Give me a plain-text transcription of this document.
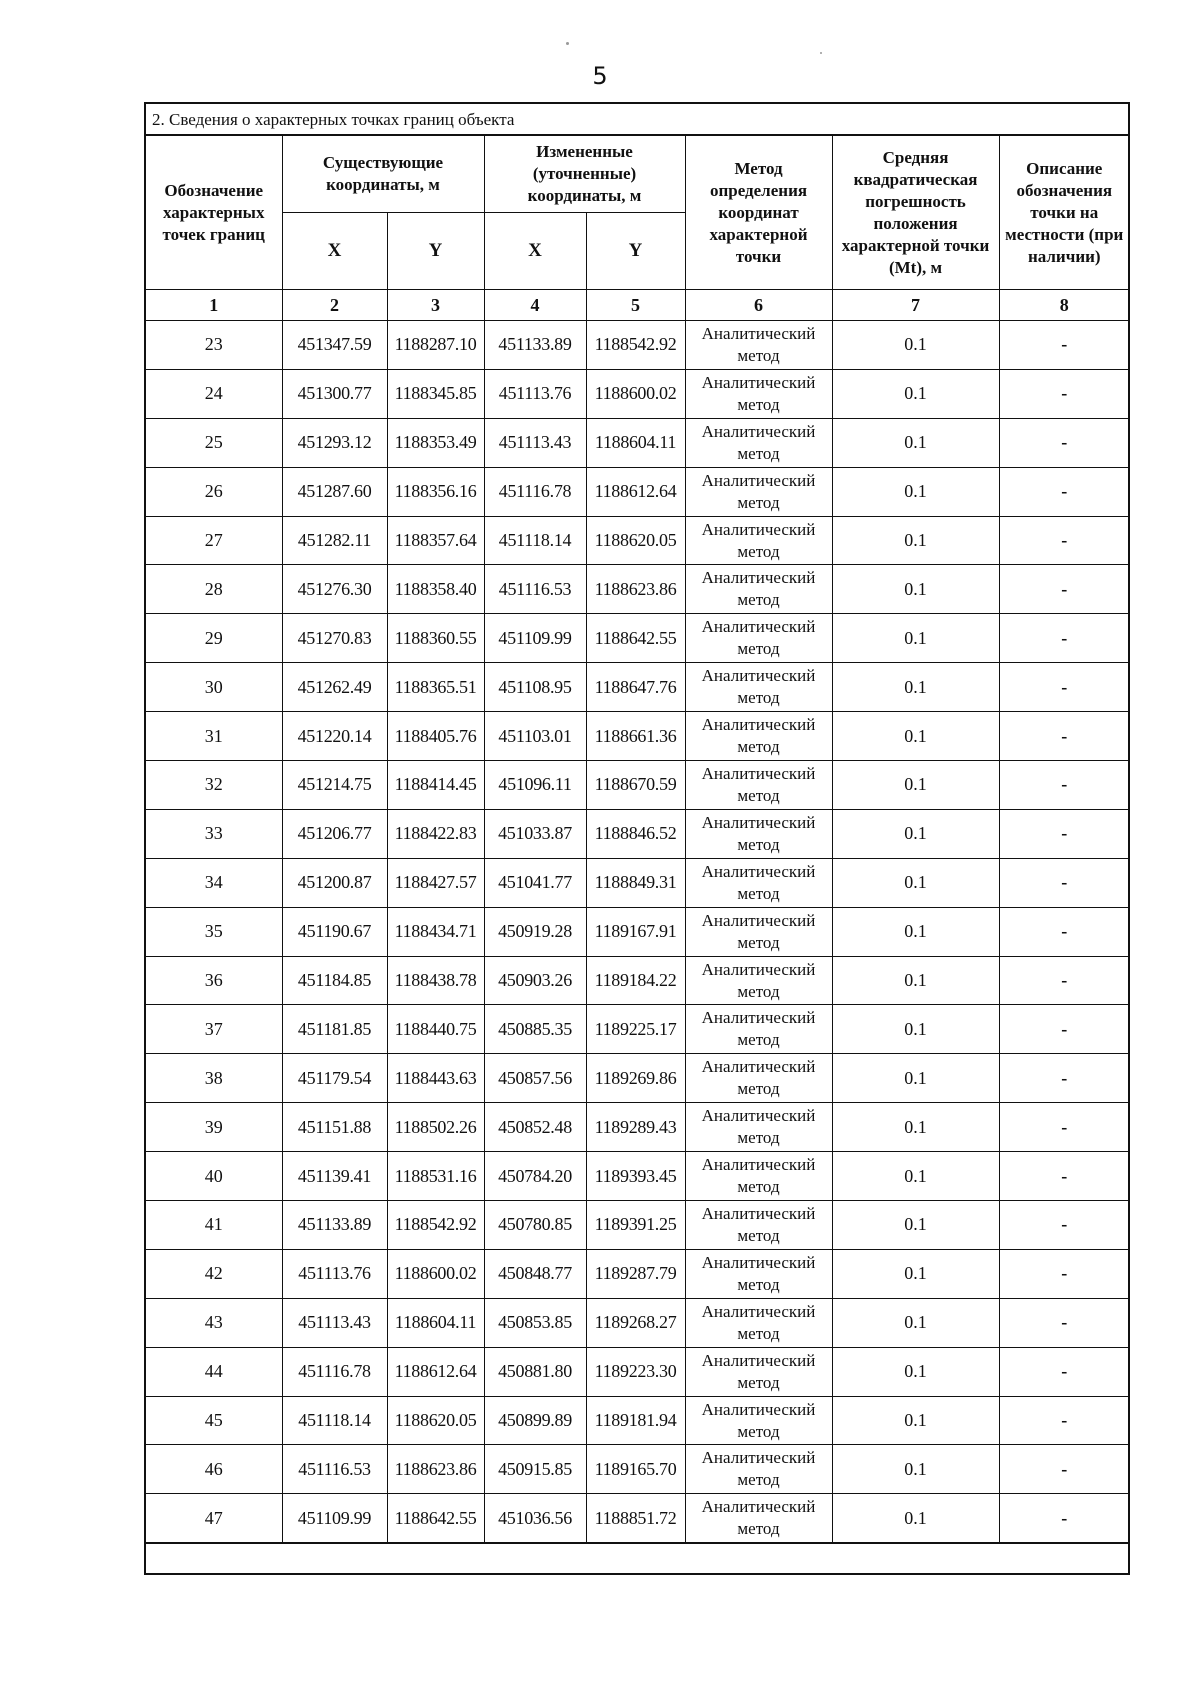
5
2. Сведения о характерных точках границ объекта
Обозначение характерных точек границ	Существующие координаты, м		Измененные (уточненные) координаты, м		Метод определения координат характерной точки	Средняя квадратическая погрешность положения характерной точки (Mt), м	Описание обозначения точки на местности (при наличии)
	X	Y	X	Y			
1	2	3	4	5	6	7	8
23	451347.59	1188287.10	451133.89	1188542.92	Аналитический метод	0.1	-
24	451300.77	1188345.85	451113.76	1188600.02	Аналитический метод	0.1	-
25	451293.12	1188353.49	451113.43	1188604.11	Аналитический метод	0.1	-
26	451287.60	1188356.16	451116.78	1188612.64	Аналитический метод	0.1	-
27	451282.11	1188357.64	451118.14	1188620.05	Аналитический метод	0.1	-
28	451276.30	1188358.40	451116.53	1188623.86	Аналитический метод	0.1	-
29	451270.83	1188360.55	451109.99	1188642.55	Аналитический метод	0.1	-
30	451262.49	1188365.51	451108.95	1188647.76	Аналитический метод	0.1	-
31	451220.14	1188405.76	451103.01	1188661.36	Аналитический метод	0.1	-
32	451214.75	1188414.45	451096.11	1188670.59	Аналитический метод	0.1	-
33	451206.77	1188422.83	451033.87	1188846.52	Аналитический метод	0.1	-
34	451200.87	1188427.57	451041.77	1188849.31	Аналитический метод	0.1	-
35	451190.67	1188434.71	450919.28	1189167.91	Аналитический метод	0.1	-
36	451184.85	1188438.78	450903.26	1189184.22	Аналитический метод	0.1	-
37	451181.85	1188440.75	450885.35	1189225.17	Аналитический метод	0.1	-
38	451179.54	1188443.63	450857.56	1189269.86	Аналитический метод	0.1	-
39	451151.88	1188502.26	450852.48	1189289.43	Аналитический метод	0.1	-
40	451139.41	1188531.16	450784.20	1189393.45	Аналитический метод	0.1	-
41	451133.89	1188542.92	450780.85	1189391.25	Аналитический метод	0.1	-
42	451113.76	1188600.02	450848.77	1189287.79	Аналитический метод	0.1	-
43	451113.43	1188604.11	450853.85	1189268.27	Аналитический метод	0.1	-
44	451116.78	1188612.64	450881.80	1189223.30	Аналитический метод	0.1	-
45	451118.14	1188620.05	450899.89	1189181.94	Аналитический метод	0.1	-
46	451116.53	1188623.86	450915.85	1189165.70	Аналитический метод	0.1	-
47	451109.99	1188642.55	451036.56	1188851.72	Аналитический метод	0.1	-
